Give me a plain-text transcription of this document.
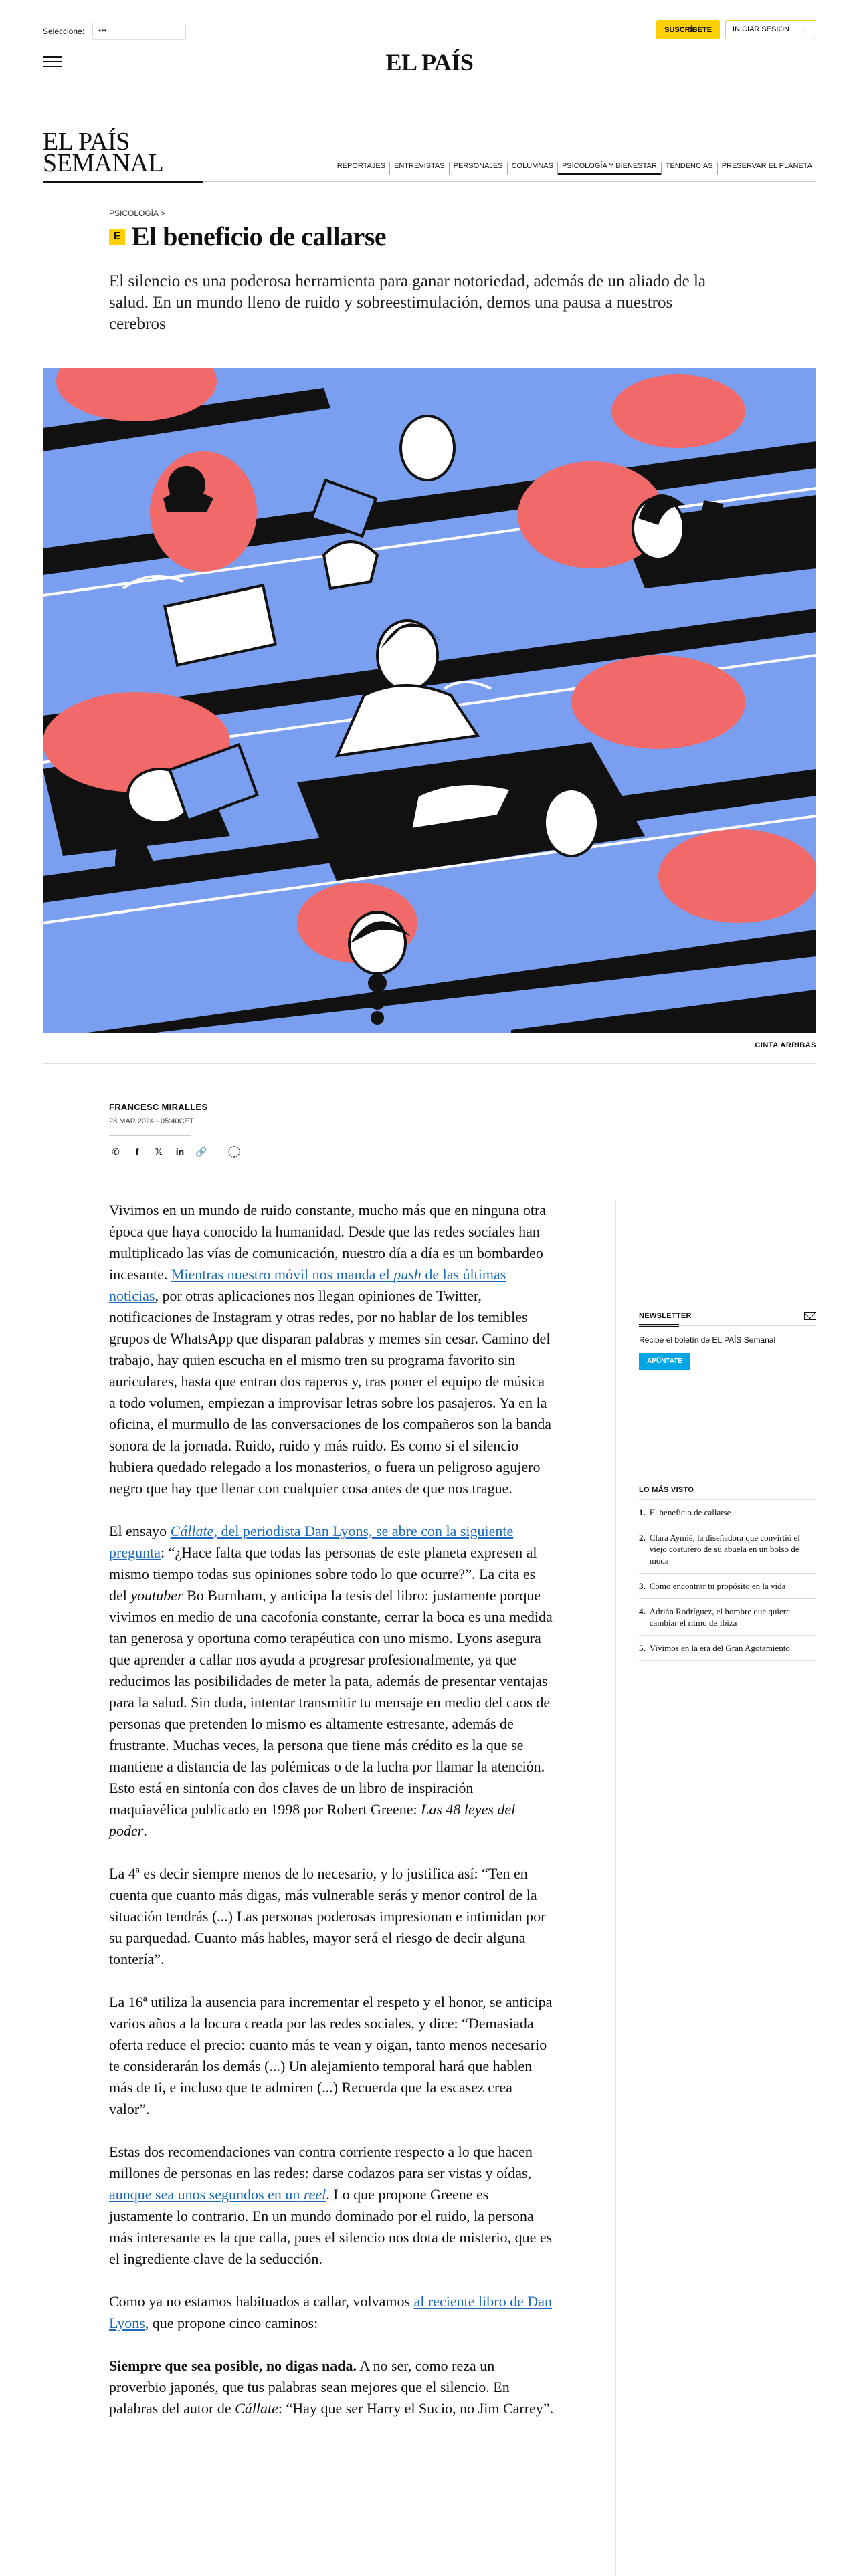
Seleccione:	•••	SUSCRÍBETE	INICIAR SESIÓN ⋮
EL PAÍS
EL PAÍS
SEMANAL	REPORTAJES	ENTREVISTAS	PERSONAJES	COLUMNAS	PSICOLOGÍA Y BIENESTAR	TENDENCIAS	PRESERVAR EL PLANETA
PSICOLOGÍA >
E El beneficio de callarse

El silencio es una poderosa herramienta para ganar notoriedad, además de un aliado de la salud. En un mundo lleno de ruido y sobreestimulación, demos una pausa a nuestros cerebros

CINTA ARRIBAS
FRANCESC MIRALLES
28 MAR 2024 - 05:40CET
✆	f	𝕏	in 🔗

Vivimos en un mundo de ruido constante, mucho más que en ninguna otra época que haya conocido la humanidad. Desde que las redes sociales han multiplicado las vías de comunicación, nuestro día a día es un bombardeo incesante. Mientras nuestro móvil nos manda el push de las últimas noticias, por otras aplicaciones nos llegan opiniones de Twitter, notificaciones de Instagram y otras redes, por no hablar de los temibles grupos de WhatsApp que disparan palabras y memes sin cesar. Camino del trabajo, hay quien escucha en el mismo tren su programa favorito sin auriculares, hasta que entran dos raperos y, tras poner el equipo de música a todo volumen, empiezan a improvisar letras sobre los pasajeros. Ya en la oficina, el murmullo de las conversaciones de los compañeros son la banda sonora de la jornada. Ruido, ruido y más ruido. Es como si el silencio hubiera quedado relegado a los monasterios, o fuera un peligroso agujero negro que hay que llenar con cualquier cosa antes de que nos trague.

El ensayo Cállate, del periodista Dan Lyons, se abre con la siguiente pregunta: “¿Hace falta que todas las personas de este planeta expresen al mismo tiempo todas sus opiniones sobre todo lo que ocurre?”. La cita es del youtuber Bo Burnham, y anticipa la tesis del libro: justamente porque vivimos en medio de una cacofonía constante, cerrar la boca es una medida tan generosa y oportuna como terapéutica con uno mismo. Lyons asegura que aprender a callar nos ayuda a progresar profesionalmente, ya que reducimos las posibilidades de meter la pata, además de presentar ventajas para la salud. Sin duda, intentar transmitir tu mensaje en medio del caos de personas que pretenden lo mismo es altamente estresante, además de frustrante. Muchas veces, la persona que tiene más crédito es la que se mantiene a distancia de las polémicas o de la lucha por llamar la atención. Esto está en sintonía con dos claves de un libro de inspiración maquiavélica publicado en 1998 por Robert Greene: Las 48 leyes del poder.

La 4ª es decir siempre menos de lo necesario, y lo justifica así: “Ten en cuenta que cuanto más digas, más vulnerable serás y menor control de la situación tendrás (...) Las personas poderosas impresionan e intimidan por su parquedad. Cuanto más hables, mayor será el riesgo de decir alguna tontería”.

La 16ª utiliza la ausencia para incrementar el respeto y el honor, se anticipa varios años a la locura creada por las redes sociales, y dice: “Demasiada oferta reduce el precio: cuanto más te vean y oigan, tanto menos necesario te considerarán los demás (...) Un alejamiento temporal hará que hablen más de ti, e incluso que te admiren (...) Recuerda que la escasez crea valor”.

Estas dos recomendaciones van contra corriente respecto a lo que hacen millones de personas en las redes: darse codazos para ser vistas y oídas, aunque sea unos segundos en un reel. Lo que propone Greene es justamente lo contrario. En un mundo dominado por el ruido, la persona más interesante es la que calla, pues el silencio nos dota de misterio, que es el ingrediente clave de la seducción.

Como ya no estamos habituados a callar, volvamos al reciente libro de Dan Lyons, que propone cinco caminos:

Siempre que sea posible, no digas nada. A no ser, como reza un proverbio japonés, que tus palabras sean mejores que el silencio. En palabras del autor de Cállate: “Hay que ser Harry el Sucio, no Jim Carrey”.

NEWSLETTER
Recibe el boletín de EL PAÍS Semanal
APÚNTATE
LO MÁS VISTO
1. El beneficio de callarse
2. Clara Aymié, la diseñadora que convirtió el viejo costurero de su abuela en un bolso de moda
3. Cómo encontrar tu propósito en la vida
4. Adrián Rodríguez, el hombre que quiere cambiar el ritmo de Ibiza
5. Vivimos en la era del Gran Agotamiento
